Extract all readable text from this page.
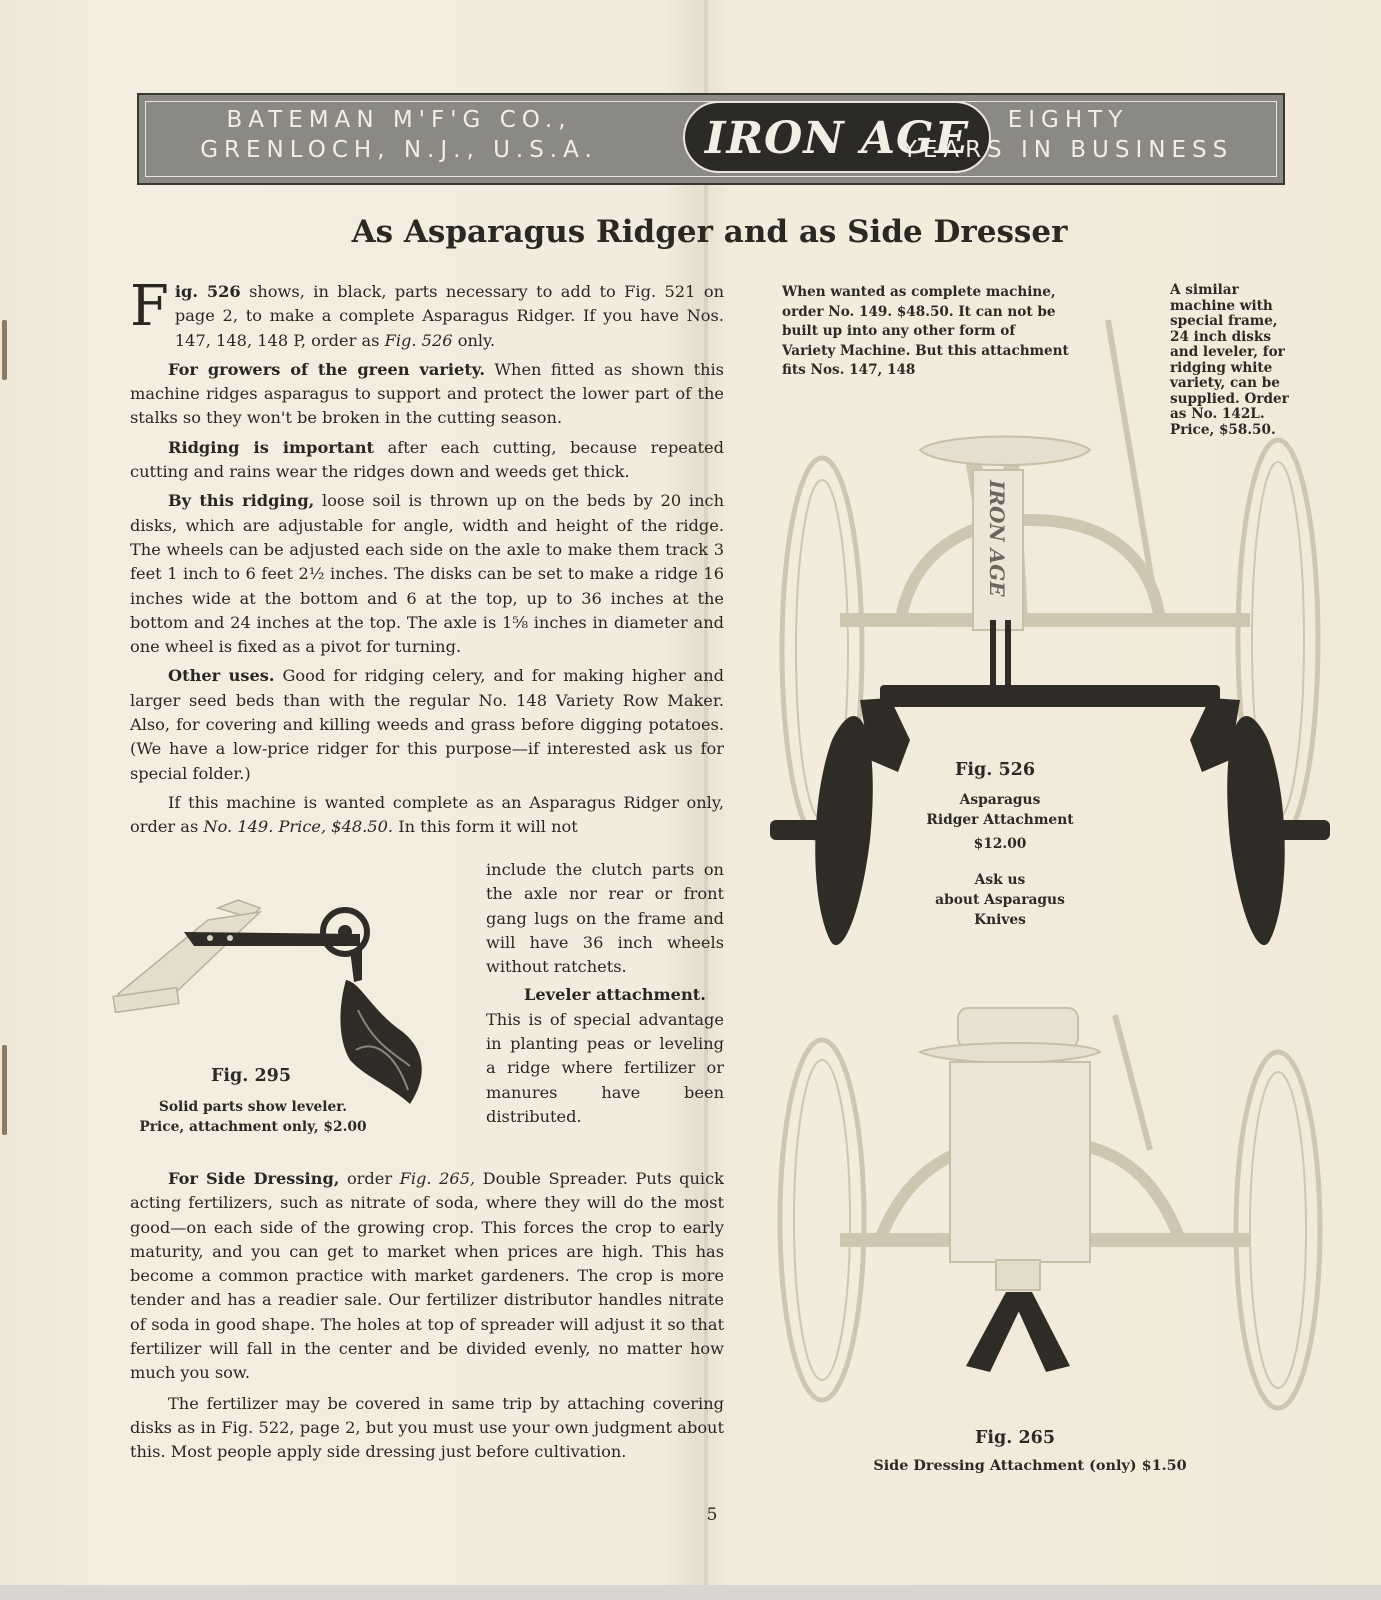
BATEMAN M'F'G CO.,
GRENLOCH, N.J., U.S.A.	IRON AGE	EIGHTY
YEARS IN BUSINESS
As Asparagus Ridger and as Side Dresser

Fig. 526 shows, in black, parts necessary to add to Fig. 521 on page 2, to make a complete Asparagus Ridger. If you have Nos. 147, 148, 148 P, order as Fig. 526 only.

For growers of the green variety. When fitted as shown this machine ridges asparagus to support and protect the lower part of the stalks so they won't be broken in the cutting season.

Ridging is important after each cutting, because repeated cutting and rains wear the ridges down and weeds get thick.

By this ridging, loose soil is thrown up on the beds by 20 inch disks, which are adjustable for angle, width and height of the ridge. The wheels can be adjusted each side on the axle to make them track 3 feet 1 inch to 6 feet 2½ inches. The disks can be set to make a ridge 16 inches wide at the bottom and 6 at the top, up to 36 inches at the bottom and 24 inches at the top. The axle is 1⅝ inches in diameter and one wheel is fixed as a pivot for turning.

Other uses. Good for ridging celery, and for making higher and larger seed beds than with the regular No. 148 Variety Row Maker. Also, for covering and killing weeds and grass before digging potatoes. (We have a low-price ridger for this purpose—if interested ask us for special folder.)

If this machine is wanted complete as an Asparagus Ridger only, order as No. 149. Price, $48.50. In this form it will not

include the clutch parts on the axle nor rear or front gang lugs on the frame and will have 36 inch wheels without ratchets.

Leveler attachment.

This is of special advantage in planting peas or leveling a ridge where fertilizer or manures have been distributed.

Fig. 295
Solid parts show leveler.
Price, attachment only, $2.00

For Side Dressing, order Fig. 265, Double Spreader. Puts quick acting fertilizers, such as nitrate of soda, where they will do the most good—on each side of the growing crop. This forces the crop to early maturity, and you can get to market when prices are high. This has become a common practice with market gardeners. The crop is more tender and has a readier sale. Our fertilizer distributor handles nitrate of soda in good shape. The holes at top of spreader will adjust it so that fertilizer will fall in the center and be divided evenly, no matter how much you sow.

The fertilizer may be covered in same trip by attaching covering disks as in Fig. 522, page 2, but you must use your own judgment about this. Most people apply side dressing just before cultivation.

When wanted as complete machine, order No. 149. $48.50. It can not be built up into any other form of Variety Machine. But this attachment fits Nos. 147, 148
A similar machine with special frame, 24 inch disks and leveler, for ridging white variety, can be supplied. Order as No. 142L. Price, $58.50.
IRON AGE
Fig. 526
Asparagus
Ridger Attachment
$12.00
Ask us
about Asparagus
Knives
Fig. 265
Side Dressing Attachment (only) $1.50
5
